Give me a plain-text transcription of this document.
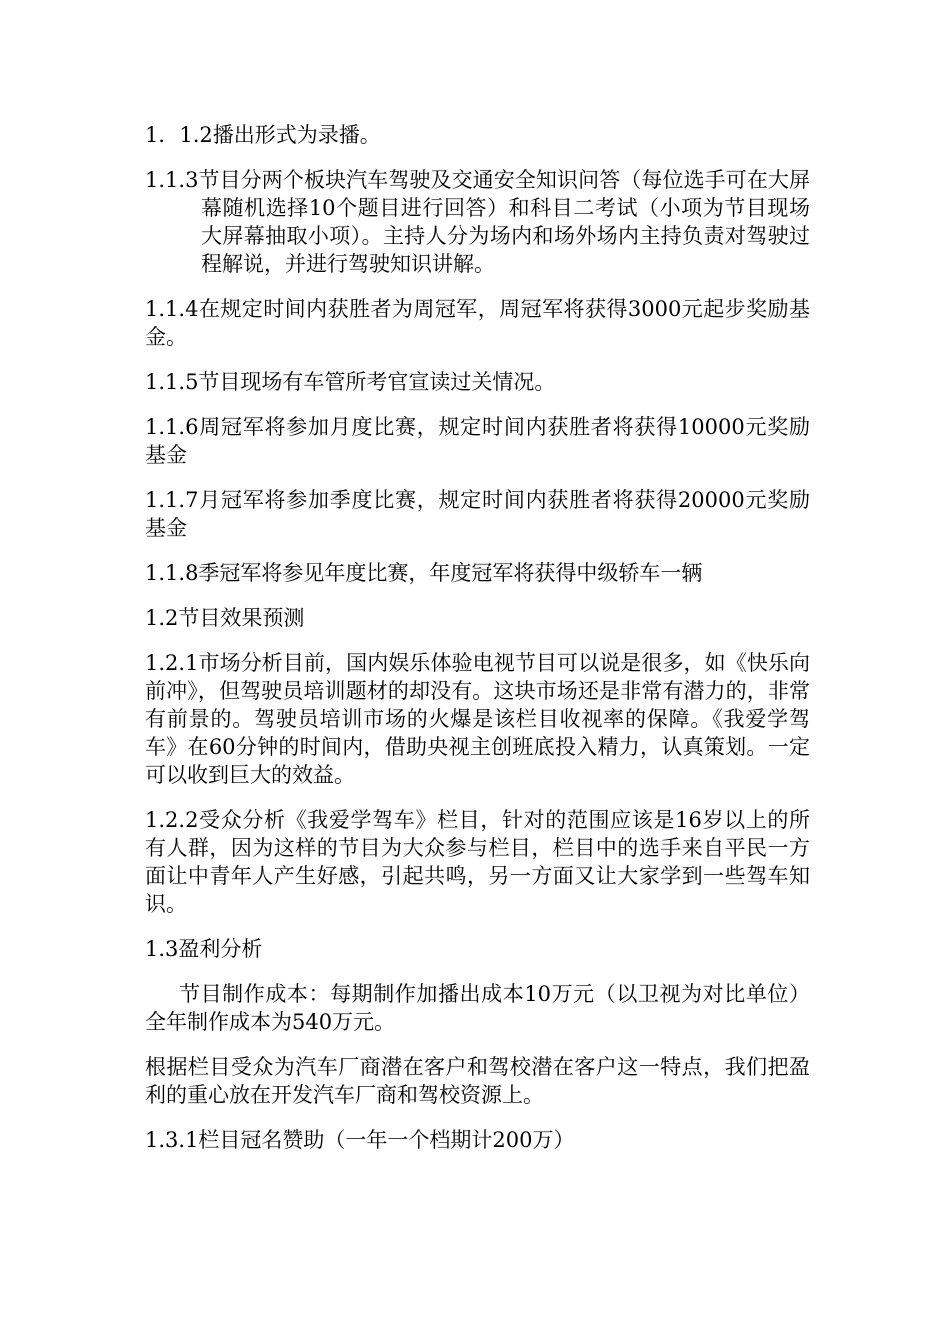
1．1.2播出形式为录播。

1.1.3节目分两个板块汽车驾驶及交通安全知识问答（每位选手可在大屏幕随机选择10个题目进行回答）和科目二考试（小项为节目现场大屏幕抽取小项）。主持人分为场内和场外场内主持负责对驾驶过程解说，并进行驾驶知识讲解。

1.1.4在规定时间内获胜者为周冠军，周冠军将获得3000元起步奖励基金。

1.1.5节目现场有车管所考官宣读过关情况。

1.1.6周冠军将参加月度比赛，规定时间内获胜者将获得10000元奖励基金

1.1.7月冠军将参加季度比赛，规定时间内获胜者将获得20000元奖励基金

1.1.8季冠军将参见年度比赛，年度冠军将获得中级轿车一辆

1.2节目效果预测

1.2.1市场分析目前，国内娱乐体验电视节目可以说是很多，如《快乐向前冲》，但驾驶员培训题材的却没有。这块市场还是非常有潜力的，非常有前景的。驾驶员培训市场的火爆是该栏目收视率的保障。《我爱学驾车》在60分钟的时间内，借助央视主创班底投入精力，认真策划。一定可以收到巨大的效益。

1.2.2受众分析《我爱学驾车》栏目，针对的范围应该是16岁以上的所有人群，因为这样的节目为大众参与栏目，栏目中的选手来自平民一方面让中青年人产生好感，引起共鸣，另一方面又让大家学到一些驾车知识。

1.3盈利分析

节目制作成本：每期制作加播出成本10万元（以卫视为对比单位）全年制作成本为540万元。

根据栏目受众为汽车厂商潜在客户和驾校潜在客户这一特点，我们把盈利的重心放在开发汽车厂商和驾校资源上。

1.3.1栏目冠名赞助（一年一个档期计200万）
